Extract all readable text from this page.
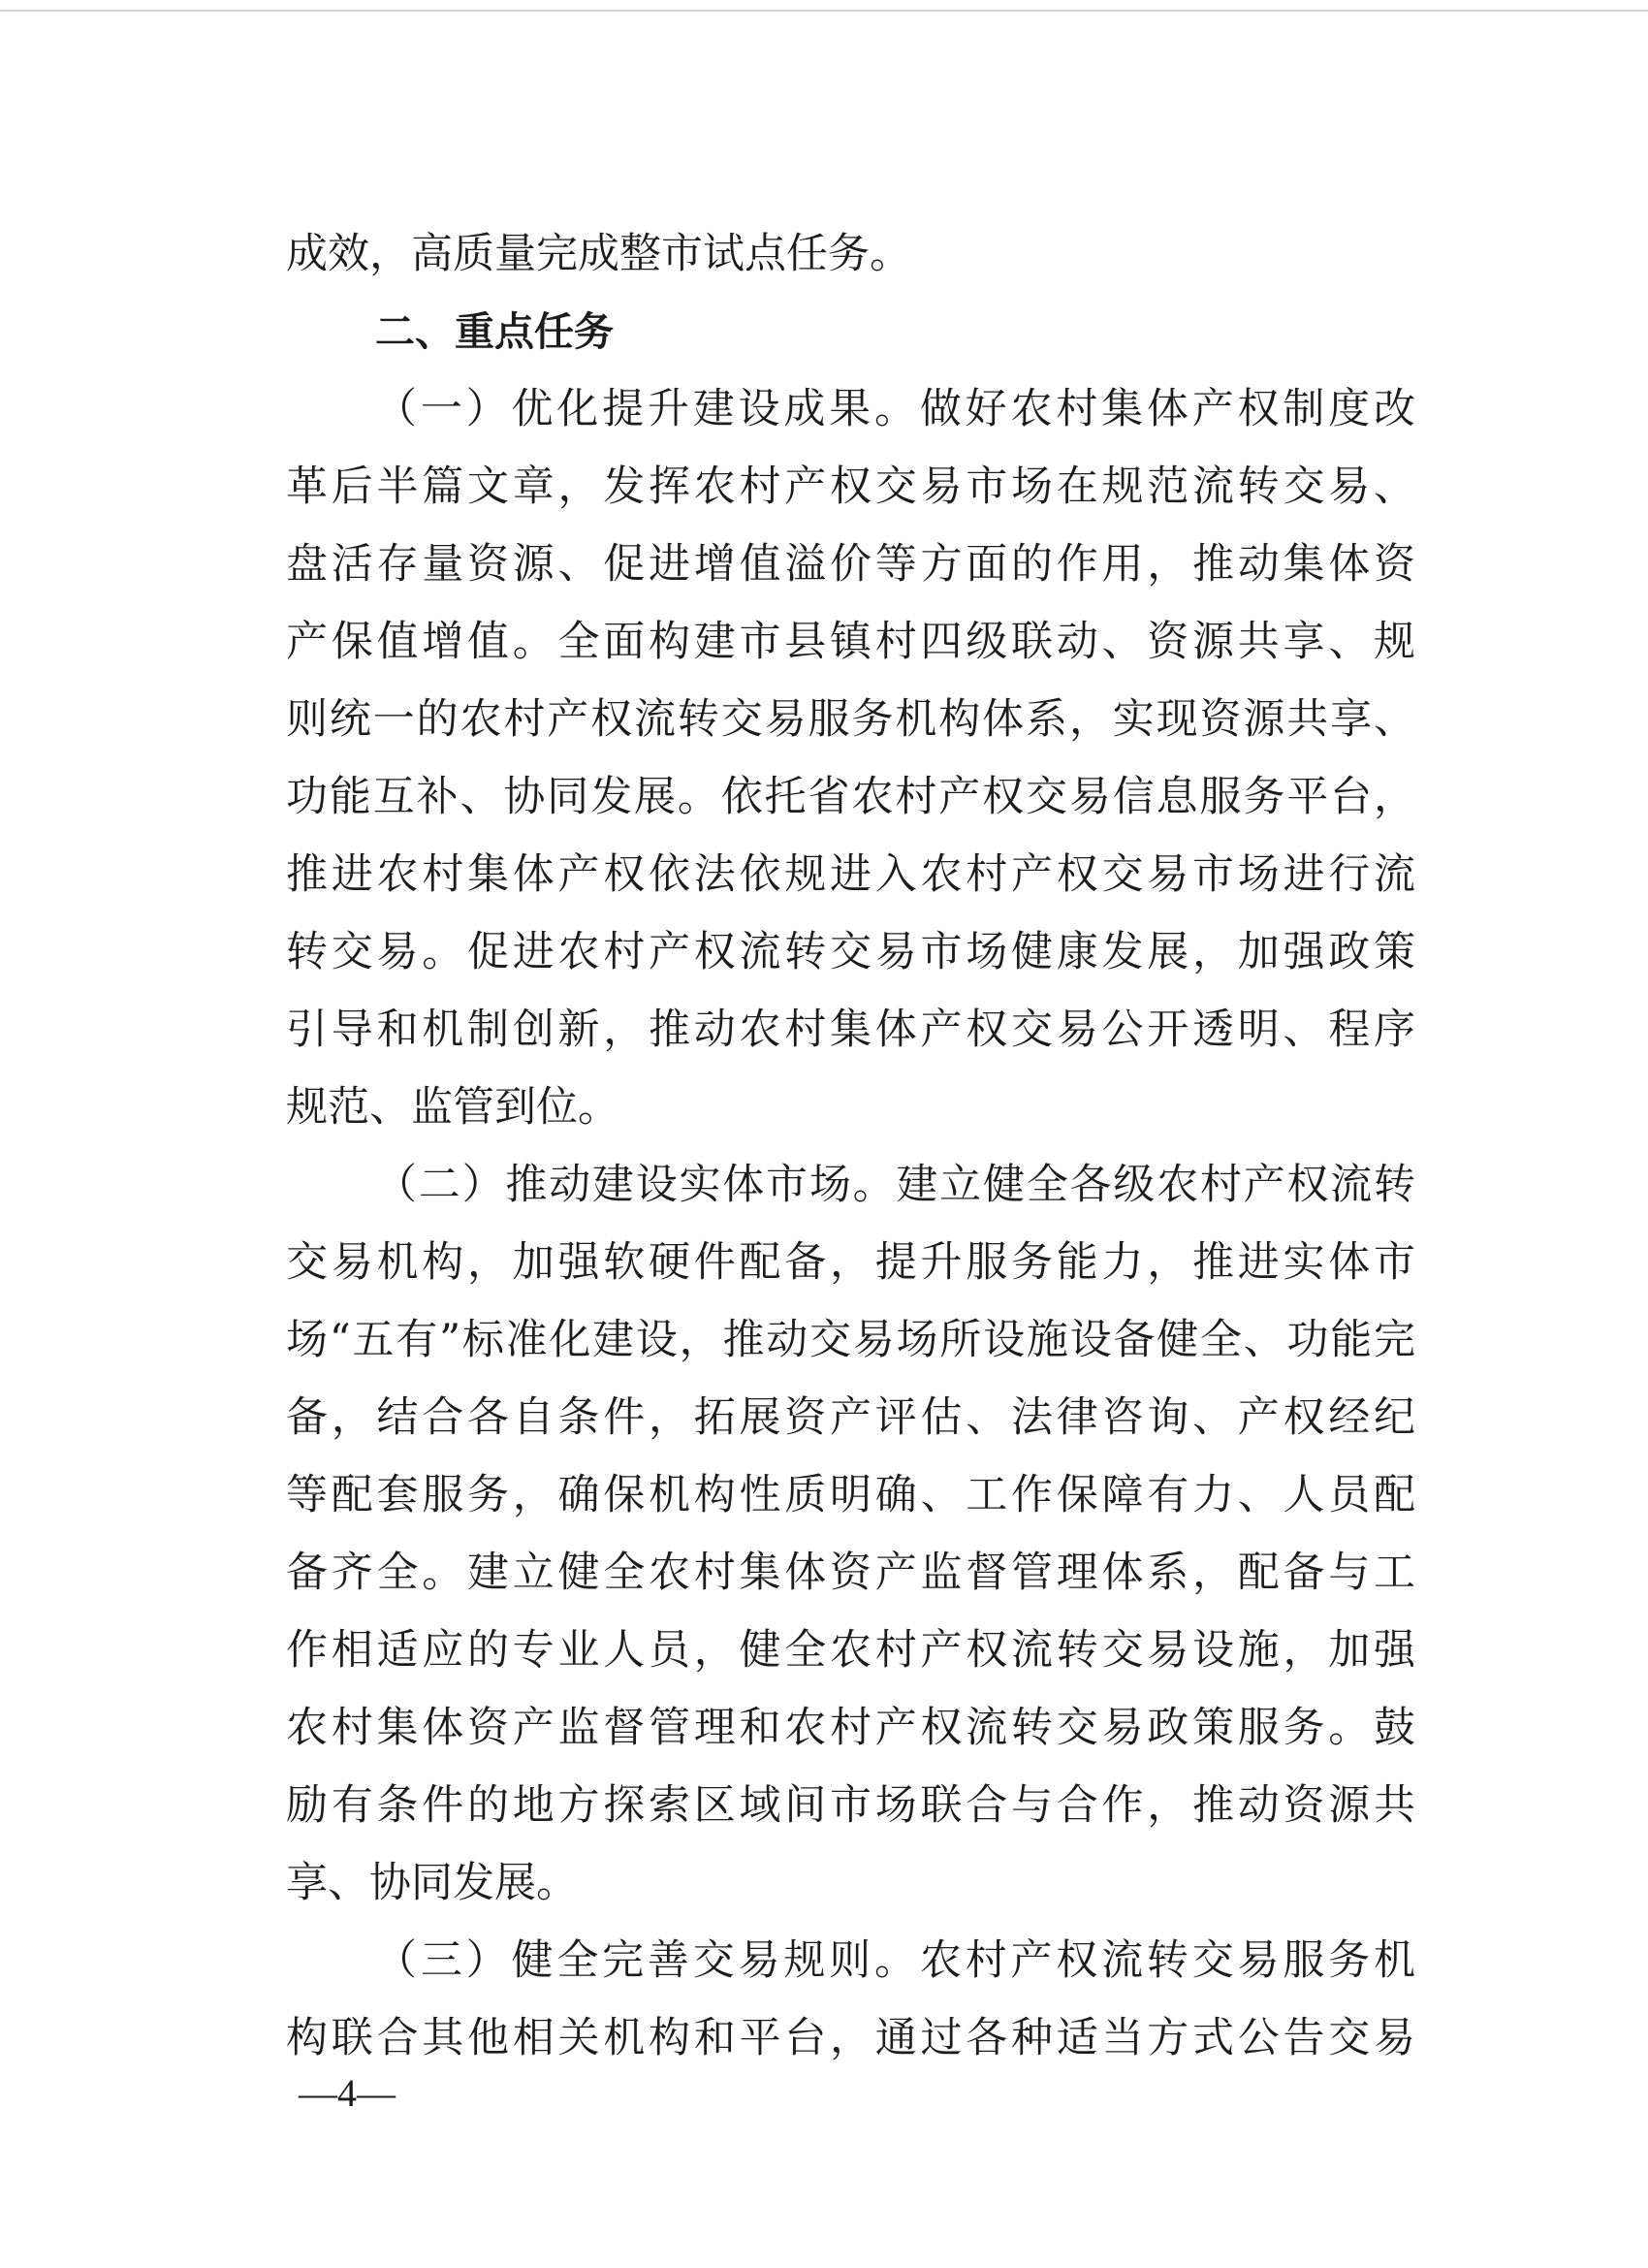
成效，高质量完成整市试点任务。
二、重点任务
（一）优化提升建设成果。做好农村集体产权制度改
革后半篇文章，发挥农村产权交易市场在规范流转交易、
盘活存量资源、促进增值溢价等方面的作用，推动集体资
产保值增值。全面构建市县镇村四级联动、资源共享、规
则统一的农村产权流转交易服务机构体系，实现资源共享、
功能互补、协同发展。依托省农村产权交易信息服务平台，
推进农村集体产权依法依规进入农村产权交易市场进行流
转交易。促进农村产权流转交易市场健康发展，加强政策
引导和机制创新，推动农村集体产权交易公开透明、程序
规范、监管到位。
（二）推动建设实体市场。建立健全各级农村产权流转
交易机构，加强软硬件配备，提升服务能力，推进实体市
场“五有”标准化建设，推动交易场所设施设备健全、功能完
备，结合各自条件，拓展资产评估、法律咨询、产权经纪
等配套服务，确保机构性质明确、工作保障有力、人员配
备齐全。建立健全农村集体资产监督管理体系，配备与工
作相适应的专业人员，健全农村产权流转交易设施，加强
农村集体资产监督管理和农村产权流转交易政策服务。鼓
励有条件的地方探索区域间市场联合与合作，推动资源共
享、协同发展。
（三）健全完善交易规则。农村产权流转交易服务机
构联合其他相关机构和平台，通过各种适当方式公告交易
—4—
